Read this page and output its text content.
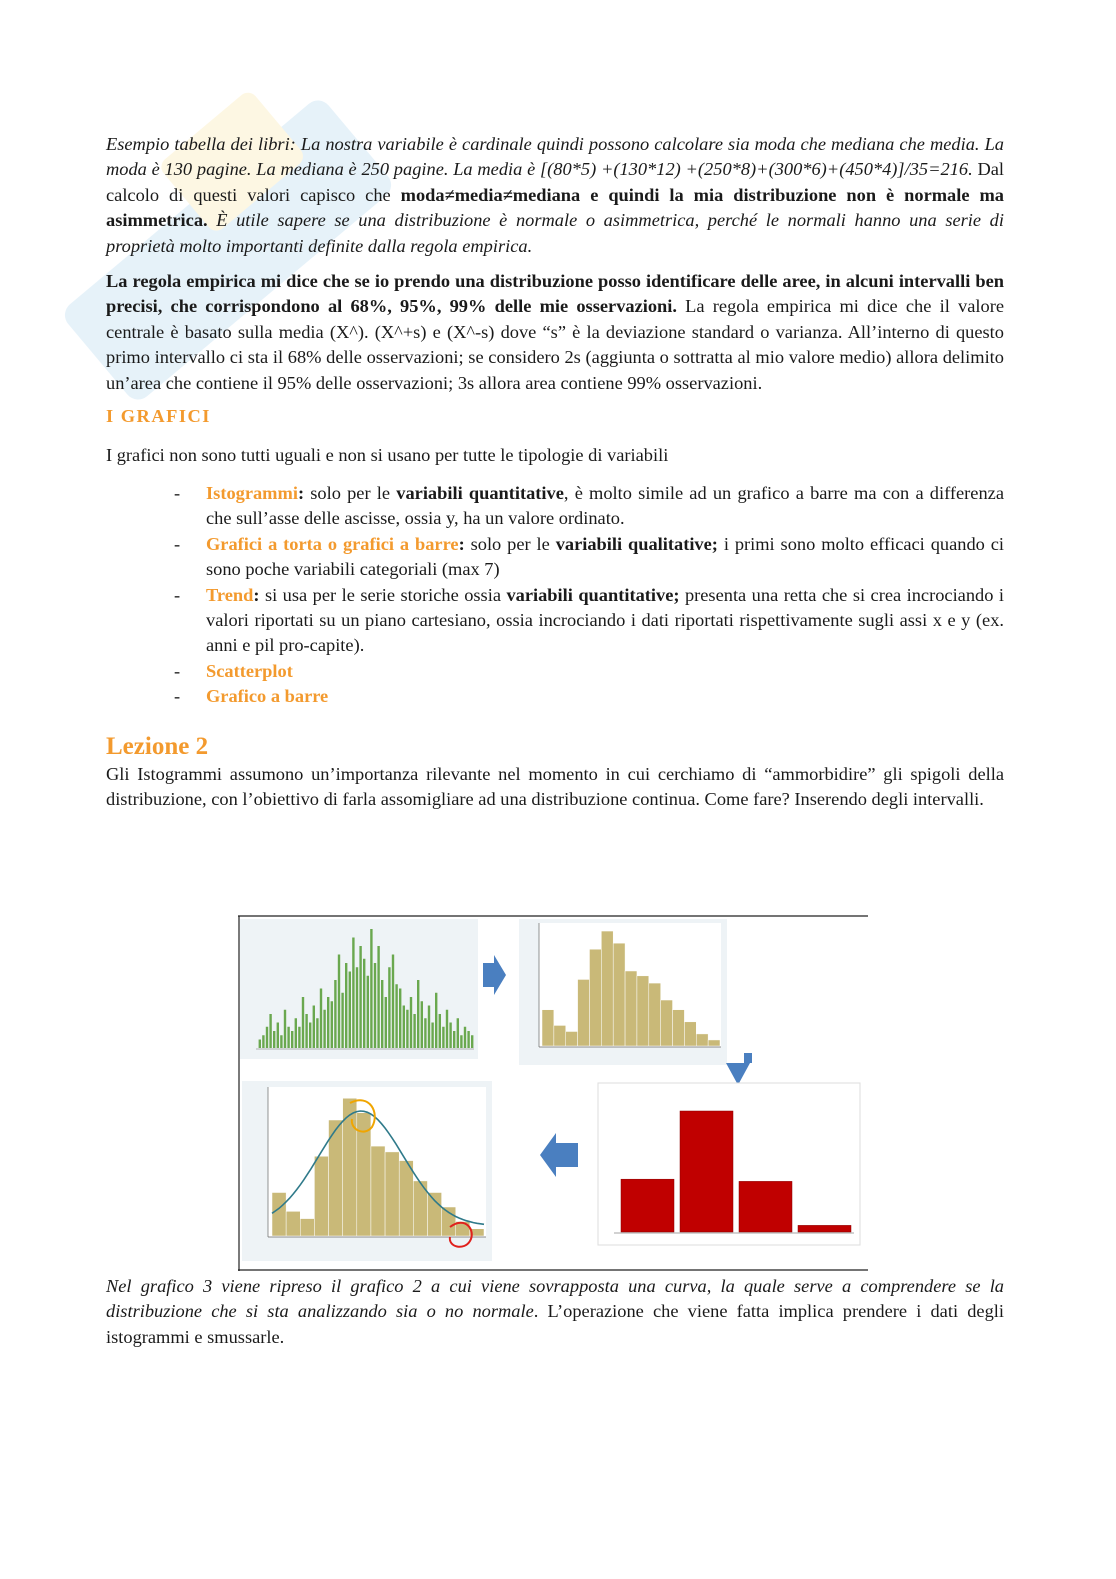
Esempio tabella dei libri: La nostra variabile è cardinale quindi possono calcolare sia moda che mediana che media. La moda è 130 pagine. La mediana è 250 pagine. La media è [(80*5) +(130*12) +(250*8)+(300*6)+(450*4)]/35=216. Dal calcolo di questi valori capisco che moda≠media≠mediana e quindi la mia distribuzione non è normale ma asimmetrica. È utile sapere se una distribuzione è normale o asimmetrica, perché le normali hanno una serie di proprietà molto importanti definite dalla regola empirica.

La regola empirica mi dice che se io prendo una distribuzione posso identificare delle aree, in alcuni intervalli ben precisi, che corrispondono al 68%, 95%, 99% delle mie osservazioni. La regola empirica mi dice che il valore centrale è basato sulla media (X^). (X^+s) e (X^-s) dove “s” è la deviazione standard o varianza. All’interno di questo primo intervallo ci sta il 68% delle osservazioni; se considero 2s (aggiunta o sottratta al mio valore medio) allora delimito un’area che contiene il 95% delle osservazioni; 3s allora area contiene 99% osservazioni.

I GRAFICI

I grafici non sono tutti uguali e non si usano per tutte le tipologie di variabili

- Istogrammi: solo per le variabili quantitative, è molto simile ad un grafico a barre ma con a differenza che sull’asse delle ascisse, ossia y, ha un valore ordinato.
- Grafici a torta o grafici a barre: solo per le variabili qualitative; i primi sono molto efficaci quando ci sono poche variabili categoriali (max 7)
- Trend: si usa per le serie storiche ossia variabili quantitative; presenta una retta che si crea incrociando i valori riportati su un piano cartesiano, ossia incrociando i dati riportati rispettivamente sugli assi x e y (ex. anni e pil pro-capite).
- Scatterplot
- Grafico a barre
Lezione 2

Gli Istogrammi assumono un’importanza rilevante nel momento in cui cerchiamo di “ammorbidire” gli spigoli della distribuzione, con l’obiettivo di farla assomigliare ad una distribuzione continua. Come fare? Inserendo degli intervalli.

Nel grafico 3 viene ripreso il grafico 2 a cui viene sovrapposta una curva, la quale serve a comprendere se la distribuzione che si sta analizzando sia o no normale. L’operazione che viene fatta implica prendere i dati degli istogrammi e smussarle.
